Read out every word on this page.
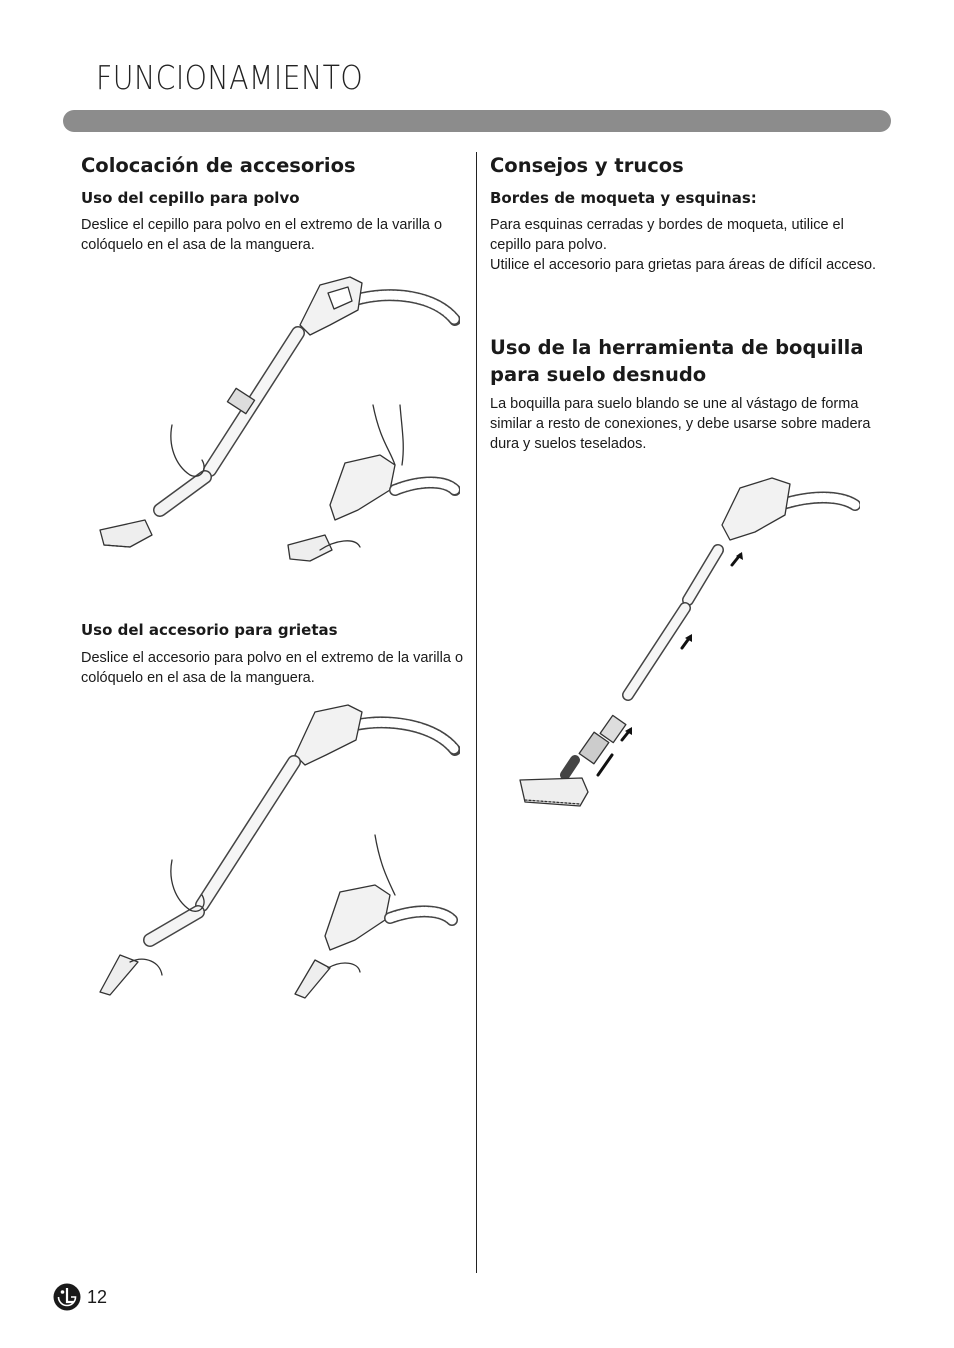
FUNCIONAMIENTO
Colocación de accesorios
Uso del cepillo para polvo

Deslice el cepillo para polvo en el extremo de la varilla o colóquelo en el asa de la manguera.

Uso del accesorio para grietas

Deslice el accesorio para polvo en el extremo de la varilla o colóquelo en el asa de la manguera.

Consejos y trucos
Bordes de moqueta y esquinas:

Para esquinas cerradas y bordes de moqueta, utilice el cepillo para polvo.

Utilice el accesorio para grietas para áreas de difícil acceso.

Uso de la herramienta de boquilla para suelo desnudo

La boquilla para suelo blando se une al vástago de forma similar a resto de conexiones, y debe usarse sobre madera dura y suelos teselados.

12
